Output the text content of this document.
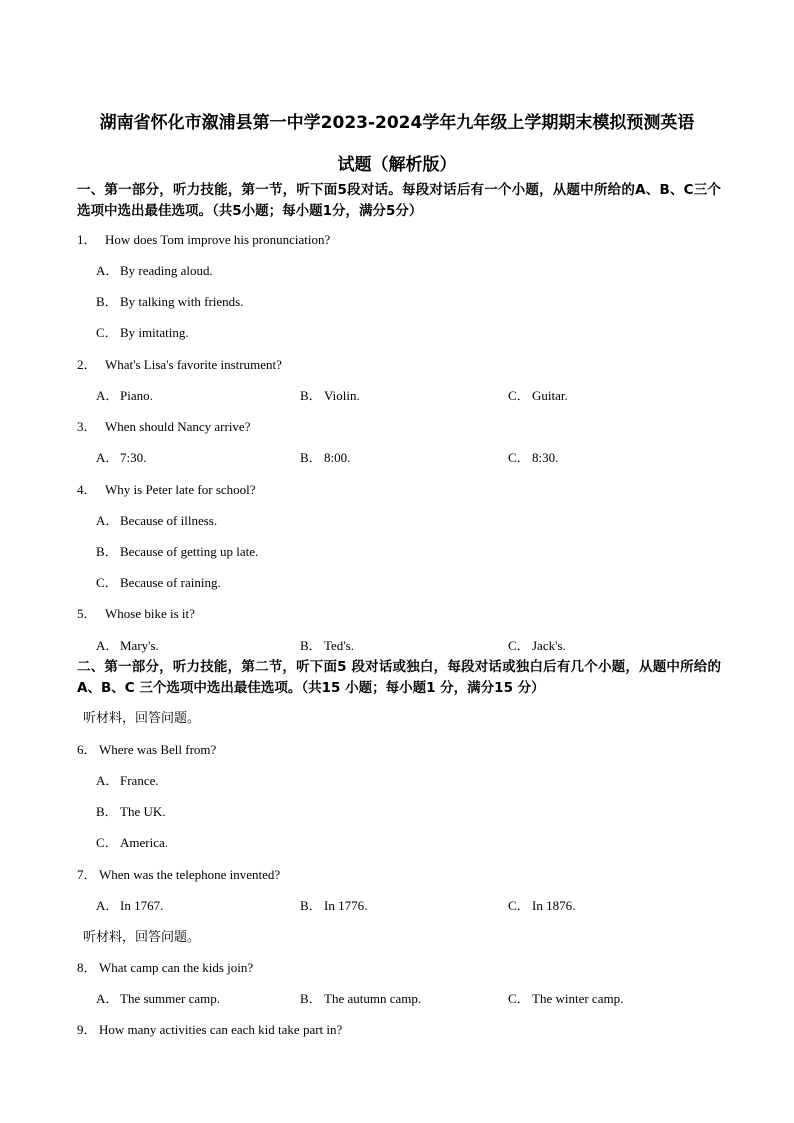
湖南省怀化市溆浦县第一中学2023-2024学年九年级上学期期末模拟预测英语
试题（解析版）
一、第一部分，听力技能，第一节，听下面5段对话。每段对话后有一个小题，从题中所给的A、B、C三个选项中选出最佳选项。（共5小题；每小题1分，满分5分）
1． How does Tom improve his pronunciation?
A． By reading aloud.
B． By talking with friends.
C． By imitating.
2． What's Lisa's favorite instrument?
A． Piano.	B． Violin.	C． Guitar.
3． When should Nancy arrive?
A． 7:30.	B． 8:00.	C． 8:30.
4． Why is Peter late for school?
A． Because of illness.
B． Because of getting up late.
C． Because of raining.
5． Whose bike is it?
A． Mary's.	B． Ted's.	C． Jack's.
二、第一部分，听力技能，第二节，听下面5 段对话或独白，每段对话或独白后有几个小题，从题中所给的A、B、C 三个选项中选出最佳选项。（共15 小题；每小题1 分，满分15 分）
听材料，回答问题。
6． Where was Bell from?
A． France.
B． The UK.
C． America.
7． When was the telephone invented?
A． In 1767.	B． In 1776.	C． In 1876.
听材料，回答问题。
8． What camp can the kids join?
A． The summer camp.	B． The autumn camp.	C． The winter camp.
9． How many activities can each kid take part in?
